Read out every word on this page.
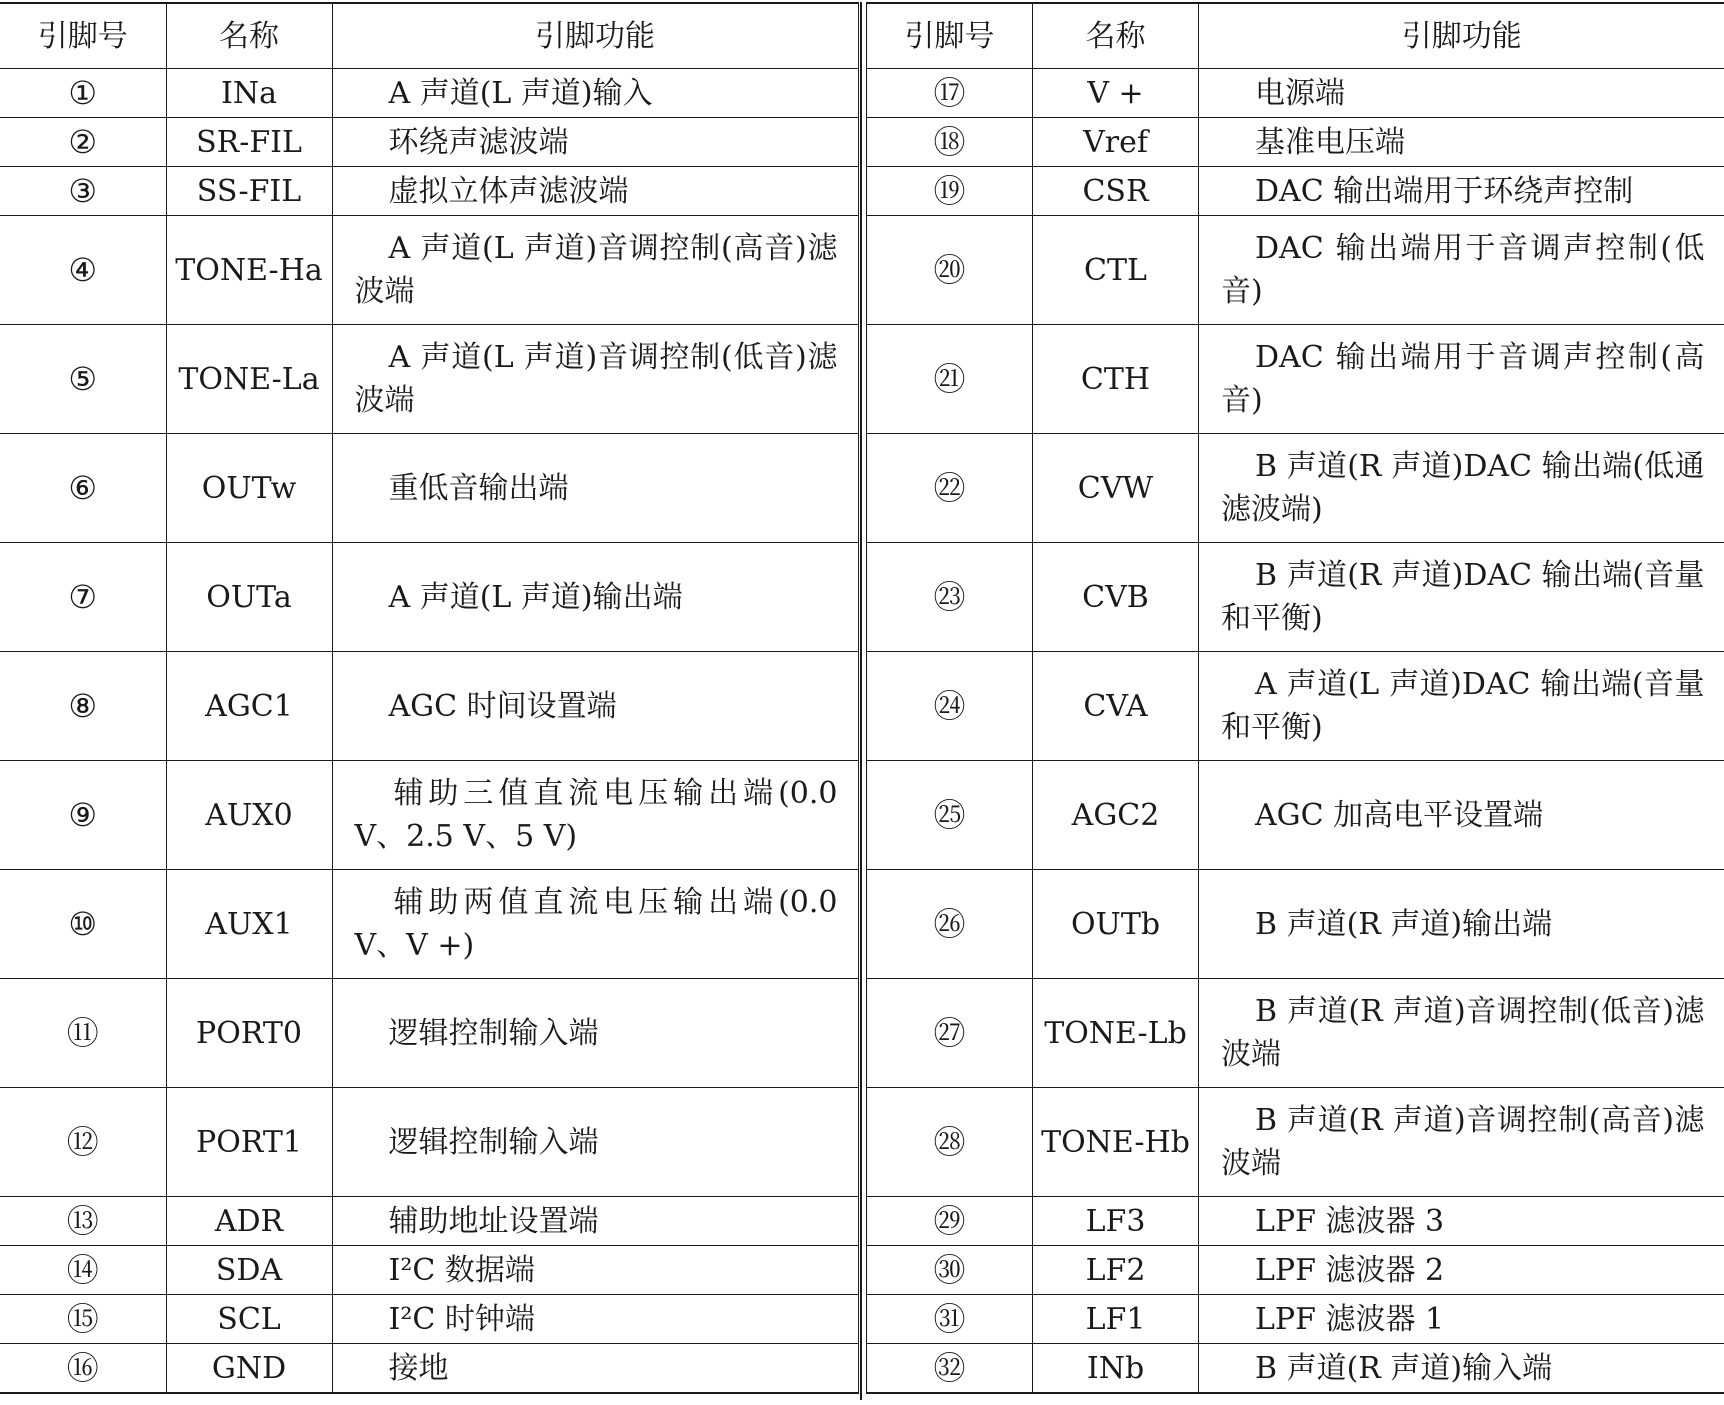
引脚号	名称	引脚功能
①	INa	A 声道(L 声道)输入
②	SR-FIL	环绕声滤波端
③	SS-FIL	虚拟立体声滤波端
④	TONE-Ha	A 声道(L 声道)音调控制(高音)滤波端
⑤	TONE-La	A 声道(L 声道)音调控制(低音)滤波端
⑥	OUTw	重低音输出端
⑦	OUTa	A 声道(L 声道)输出端
⑧	AGC1	AGC 时间设置端
⑨	AUX0	辅助三值直流电压输出端(0.0 V、2.5 V、5 V)
⑩	AUX1	辅助两值直流电压输出端(0.0 V、V +)
⑪	PORT0	逻辑控制输入端
⑫	PORT1	逻辑控制输入端
⑬	ADR	辅助地址设置端
⑭	SDA	I²C 数据端
⑮	SCL	I²C 时钟端
⑯	GND	接地
引脚号	名称	引脚功能
⑰	V +	电源端
⑱	Vref	基准电压端
⑲	CSR	DAC 输出端用于环绕声控制
⑳	CTL	DAC 输出端用于音调声控制(低音)
㉑	CTH	DAC 输出端用于音调声控制(高音)
㉒	CVW	B 声道(R 声道)DAC 输出端(低通滤波端)
㉓	CVB	B 声道(R 声道)DAC 输出端(音量和平衡)
㉔	CVA	A 声道(L 声道)DAC 输出端(音量和平衡)
㉕	AGC2	AGC 加高电平设置端
㉖	OUTb	B 声道(R 声道)输出端
㉗	TONE-Lb	B 声道(R 声道)音调控制(低音)滤波端
㉘	TONE-Hb	B 声道(R 声道)音调控制(高音)滤波端
㉙	LF3	LPF 滤波器 3
㉚	LF2	LPF 滤波器 2
㉛	LF1	LPF 滤波器 1
㉜	INb	B 声道(R 声道)输入端
